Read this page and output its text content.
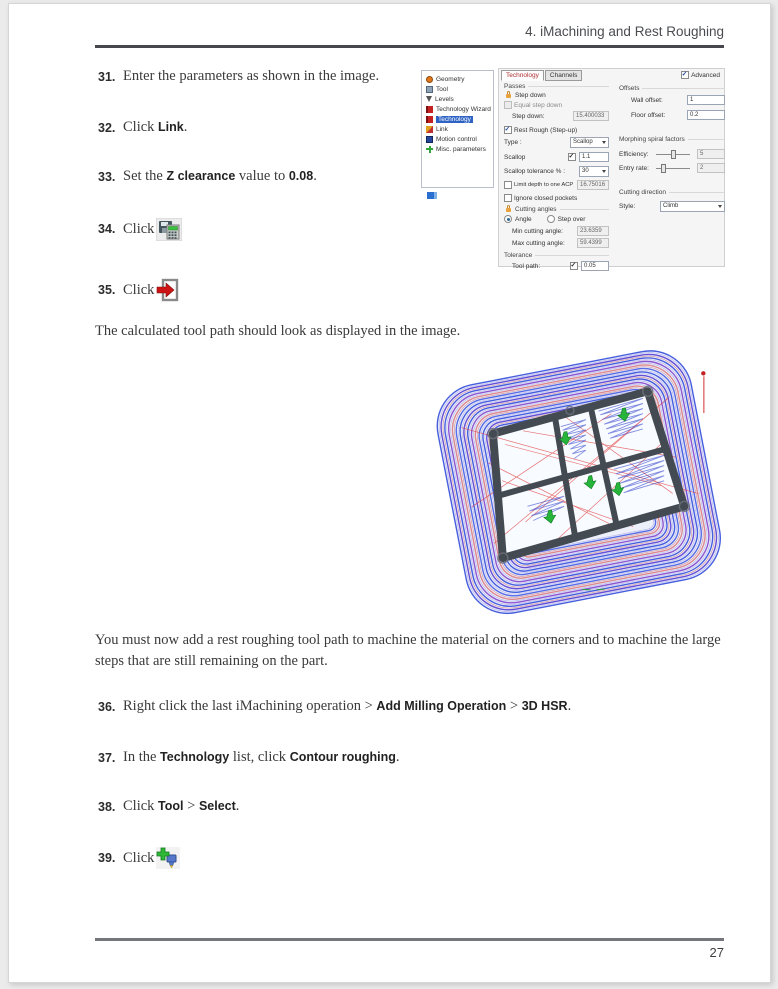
4. iMachining and Rest Roughing
31. Enter the parameters as shown in the image.
32. Click Link.
33. Set the Z clearance value to 0.08.
34. Click
35. Click
The calculated tool path should look as displayed in the image.
Geometry
Tool
Levels
Technology Wizard
Technology
Link
Motion control
Misc. parameters
Technology	Channels ✓	Advanced
Passes
Step down
Equal step down
Step down:	15.400033
✓
Rest Rough (Step-up)
Type :	Scallop
Scallop ✓	1.1
Scallop tolerance % :	30
Limit depth to one ACP	16.75016
Ignore closed pockets
Cutting angles
Angle	Step over
Min cutting angle:	23.6359
Max cutting angle:	59.4399
Tolerance
Tool path: ✓	0.05
Offsets
Wall offset:	1
Floor offset:	0.2
Morphing spiral factors
Efficiency:	5
Entry rate:	2
Cutting direction
Style:	Climb
You must now add a rest roughing tool path to machine the material on the corners and to machine the large steps that are still remaining on the part.
36. Right click the last iMachining operation > Add Milling Operation > 3D HSR.
37. In the Technology list, click Contour roughing.
38. Click Tool > Select.
39. Click
27
